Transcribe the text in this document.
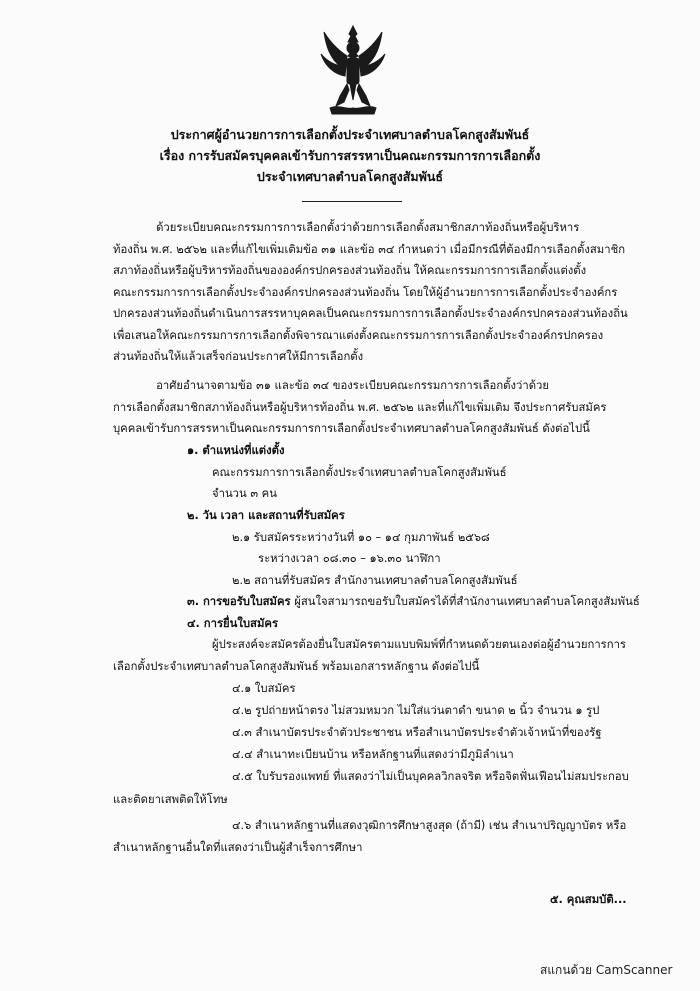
ประกาศผู้อำนวยการการเลือกตั้งประจำเทศบาลตำบลโคกสูงสัมพันธ์
เรื่อง การรับสมัครบุคคลเข้ารับการสรรหาเป็นคณะกรรมการการเลือกตั้ง
ประจำเทศบาลตำบลโคกสูงสัมพันธ์
ด้วยระเบียบคณะกรรมการการเลือกตั้งว่าด้วยการเลือกตั้งสมาชิกสภาท้องถิ่นหรือผู้บริหาร
ท้องถิ่น พ.ศ. ๒๕๖๒ และที่แก้ไขเพิ่มเติมข้อ ๓๑ และข้อ ๓๔ กำหนดว่า เมื่อมีกรณีที่ต้องมีการเลือกตั้งสมาชิก
สภาท้องถิ่นหรือผู้บริหารท้องถิ่นขององค์กรปกครองส่วนท้องถิ่น ให้คณะกรรมการการเลือกตั้งแต่งตั้ง
คณะกรรมการการเลือกตั้งประจำองค์กรปกครองส่วนท้องถิ่น โดยให้ผู้อำนวยการการเลือกตั้งประจำองค์กร
ปกครองส่วนท้องถิ่นดำเนินการสรรหาบุคคลเป็นคณะกรรมการการเลือกตั้งประจำองค์กรปกครองส่วนท้องถิ่น
เพื่อเสนอให้คณะกรรมการการเลือกตั้งพิจารณาแต่งตั้งคณะกรรมการการเลือกตั้งประจำองค์กรปกครอง
ส่วนท้องถิ่นให้แล้วเสร็จก่อนประกาศให้มีการเลือกตั้ง
อาศัยอำนาจตามข้อ ๓๑ และข้อ ๓๔ ของระเบียบคณะกรรมการการเลือกตั้งว่าด้วย
การเลือกตั้งสมาชิกสภาท้องถิ่นหรือผู้บริหารท้องถิ่น พ.ศ. ๒๕๖๒ และที่แก้ไขเพิ่มเติม จึงประกาศรับสมัคร
บุคคลเข้ารับการสรรหาเป็นคณะกรรมการการเลือกตั้งประจำเทศบาลตำบลโคกสูงสัมพันธ์ ดังต่อไปนี้
๑. ตำแหน่งที่แต่งตั้ง
คณะกรรมการการเลือกตั้งประจำเทศบาลตำบลโคกสูงสัมพันธ์
จำนวน ๓ คน
๒. วัน เวลา และสถานที่รับสมัคร
๒.๑ รับสมัครระหว่างวันที่ ๑๐ – ๑๔ กุมภาพันธ์ ๒๕๖๘
ระหว่างเวลา ๐๘.๓๐ – ๑๖.๓๐ นาฬิกา
๒.๒ สถานที่รับสมัคร สำนักงานเทศบาลตำบลโคกสูงสัมพันธ์
๓. การขอรับใบสมัคร ผู้สนใจสามารถขอรับใบสมัครได้ที่สำนักงานเทศบาลตำบลโคกสูงสัมพันธ์
๔. การยื่นใบสมัคร
ผู้ประสงค์จะสมัครต้องยื่นใบสมัครตามแบบพิมพ์ที่กำหนดด้วยตนเองต่อผู้อำนวยการการ
เลือกตั้งประจำเทศบาลตำบลโคกสูงสัมพันธ์ พร้อมเอกสารหลักฐาน ดังต่อไปนี้
๔.๑ ใบสมัคร
๔.๒ รูปถ่ายหน้าตรง ไม่สวมหมวก ไม่ใส่แว่นตาดำ ขนาด ๒ นิ้ว จำนวน ๑ รูป
๔.๓ สำเนาบัตรประจำตัวประชาชน หรือสำเนาบัตรประจำตัวเจ้าหน้าที่ของรัฐ
๔.๔ สำเนาทะเบียนบ้าน หรือหลักฐานที่แสดงว่ามีภูมิลำเนา
๔.๕ ใบรับรองแพทย์ ที่แสดงว่าไม่เป็นบุคคลวิกลจริต หรือจิตฟั่นเฟือนไม่สมประกอบ
และติดยาเสพติดให้โทษ
๔.๖ สำเนาหลักฐานที่แสดงวุฒิการศึกษาสูงสุด (ถ้ามี) เช่น สำเนาปริญญาบัตร หรือ
สำเนาหลักฐานอื่นใดที่แสดงว่าเป็นผู้สำเร็จการศึกษา
๕. คุณสมบัติ...
สแกนด้วย CamScanner
